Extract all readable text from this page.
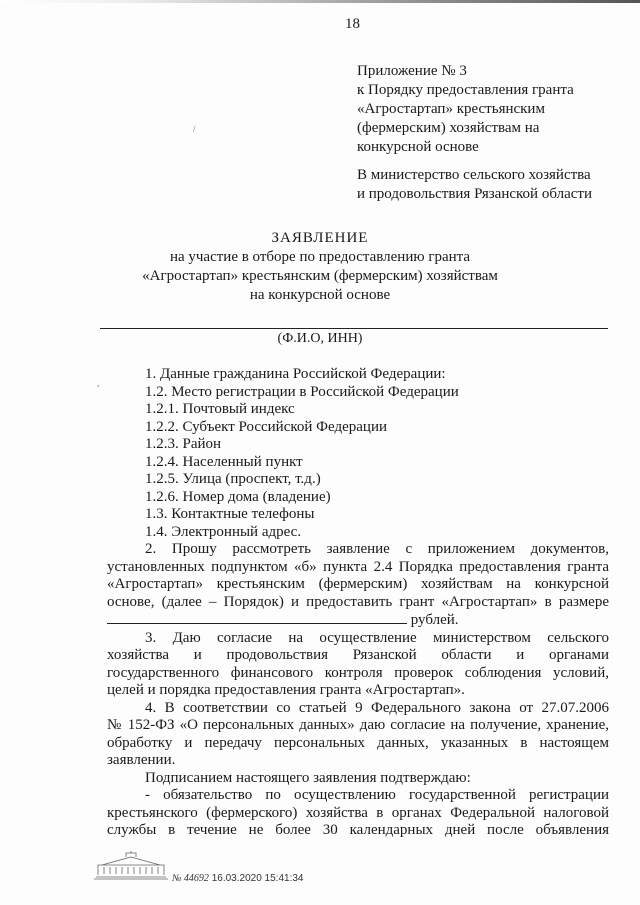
18
Приложение № 3
к Порядку предоставления гранта
«Агростартап» крестьянским
(фермерским) хозяйствам на
конкурсной основе
/
В министерство сельского хозяйства
и продовольствия Рязанской области
ЗАЯВЛЕНИЕ
на участие в отборе по предоставлению гранта
«Агростартап» крестьянским (фермерским) хозяйствам
на конкурсной основе
(Ф.И.О, ИНН)
,
1. Данные гражданина Российской Федерации:
1.2. Место регистрации в Российской Федерации
1.2.1. Почтовый индекс
1.2.2. Субъект Российской Федерации
1.2.3. Район
1.2.4. Населенный пункт
1.2.5. Улица (проспект, т.д.)
1.2.6. Номер дома (владение)
1.3. Контактные телефоны
1.4. Электронный адрес.
2. Прошу рассмотреть заявление с приложением документов,
установленных подпунктом «б» пункта 2.4 Порядка предоставления гранта
«Агростартап» крестьянским (фермерским) хозяйствам на конкурсной
основе, (далее – Порядок) и предоставить грант «Агростартап» в размере
рублей.
3. Даю согласие на осуществление министерством сельского
хозяйства и продовольствия Рязанской области и органами
государственного финансового контроля проверок соблюдения условий,
целей и порядка предоставления гранта «Агростартап».
4. В соответствии со статьей 9 Федерального закона от 27.07.2006
№ 152-ФЗ «О персональных данных» даю согласие на получение, хранение,
обработку и передачу персональных данных, указанных в настоящем
заявлении.
Подписанием настоящего заявления подтверждаю:
- обязательство по осуществлению государственной регистрации
крестьянского (фермерского) хозяйства в органах Федеральной налоговой
службы в течение не более 30 календарных дней после объявления
№ 44692 16.03.2020 15:41:34
